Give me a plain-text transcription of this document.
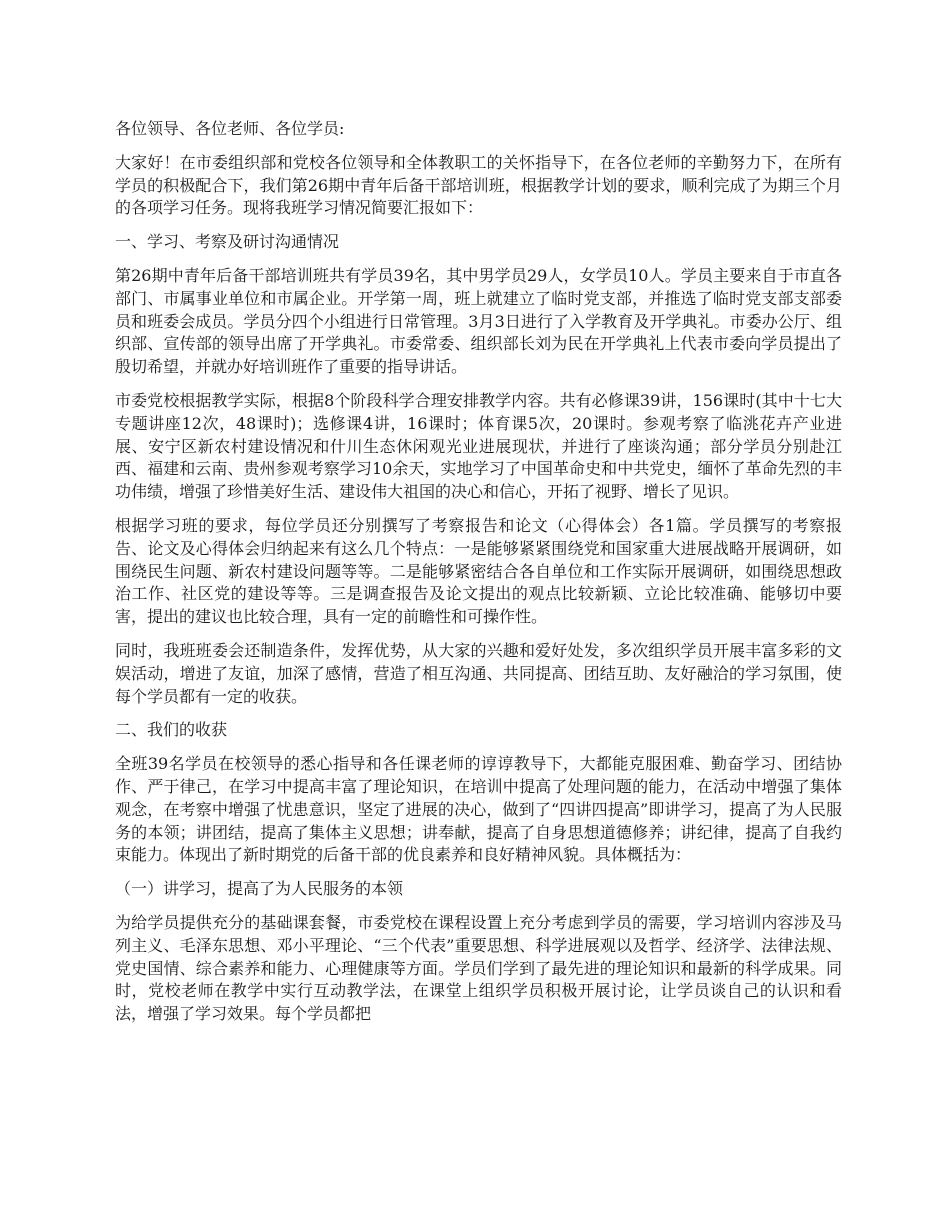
各位领导、各位老师、各位学员:

大家好！在市委组织部和党校各位领导和全体教职工的关怀指导下，在各位老师的辛勤努力下，在所有学员的积极配合下，我们第26期中青年后备干部培训班，根据教学计划的要求，顺利完成了为期三个月的各项学习任务。现将我班学习情况简要汇报如下：

一、学习、考察及研讨沟通情况

第26期中青年后备干部培训班共有学员39名，其中男学员29人，女学员10人。学员主要来自于市直各部门、市属事业单位和市属企业。开学第一周，班上就建立了临时党支部，并推选了临时党支部支部委员和班委会成员。学员分四个小组进行日常管理。3月3日进行了入学教育及开学典礼。市委办公厅、组织部、宣传部的领导出席了开学典礼。市委常委、组织部长刘为民在开学典礼上代表市委向学员提出了殷切希望，并就办好培训班作了重要的指导讲话。

市委党校根据教学实际，根据8个阶段科学合理安排教学内容。共有必修课39讲，156课时(其中十七大专题讲座12次，48课时)；选修课4讲，16课时；体育课5次，20课时。参观考察了临洮花卉产业进展、安宁区新农村建设情况和什川生态休闲观光业进展现状，并进行了座谈沟通；部分学员分别赴江西、福建和云南、贵州参观考察学习10余天，实地学习了中国革命史和中共党史，缅怀了革命先烈的丰功伟绩，增强了珍惜美好生活、建设伟大祖国的决心和信心，开拓了视野、增长了见识。

根据学习班的要求，每位学员还分别撰写了考察报告和论文（心得体会）各1篇。学员撰写的考察报告、论文及心得体会归纳起来有这么几个特点：一是能够紧紧围绕党和国家重大进展战略开展调研，如围绕民生问题、新农村建设问题等等。二是能够紧密结合各自单位和工作实际开展调研，如围绕思想政治工作、社区党的建设等等。三是调查报告及论文提出的观点比较新颖、立论比较准确、能够切中要害，提出的建议也比较合理，具有一定的前瞻性和可操作性。

同时，我班班委会还制造条件，发挥优势，从大家的兴趣和爱好处发，多次组织学员开展丰富多彩的文娱活动，增进了友谊，加深了感情，营造了相互沟通、共同提高、团结互助、友好融洽的学习氛围，使每个学员都有一定的收获。

二、我们的收获

全班39名学员在校领导的悉心指导和各任课老师的谆谆教导下，大都能克服困难、勤奋学习、团结协作、严于律己，在学习中提高丰富了理论知识，在培训中提高了处理问题的能力，在活动中增强了集体观念，在考察中增强了忧患意识，坚定了进展的决心，做到了“四讲四提高”即讲学习，提高了为人民服务的本领；讲团结，提高了集体主义思想；讲奉献，提高了自身思想道德修养；讲纪律，提高了自我约束能力。体现出了新时期党的后备干部的优良素养和良好精神风貌。具体概括为：

（一）讲学习，提高了为人民服务的本领

为给学员提供充分的基础课套餐，市委党校在课程设置上充分考虑到学员的需要，学习培训内容涉及马列主义、毛泽东思想、邓小平理论、“三个代表”重要思想、科学进展观以及哲学、经济学、法律法规、党史国情、综合素养和能力、心理健康等方面。学员们学到了最先进的理论知识和最新的科学成果。同时，党校老师在教学中实行互动教学法，在课堂上组织学员积极开展讨论，让学员谈自己的认识和看法，增强了学习效果。每个学员都把
